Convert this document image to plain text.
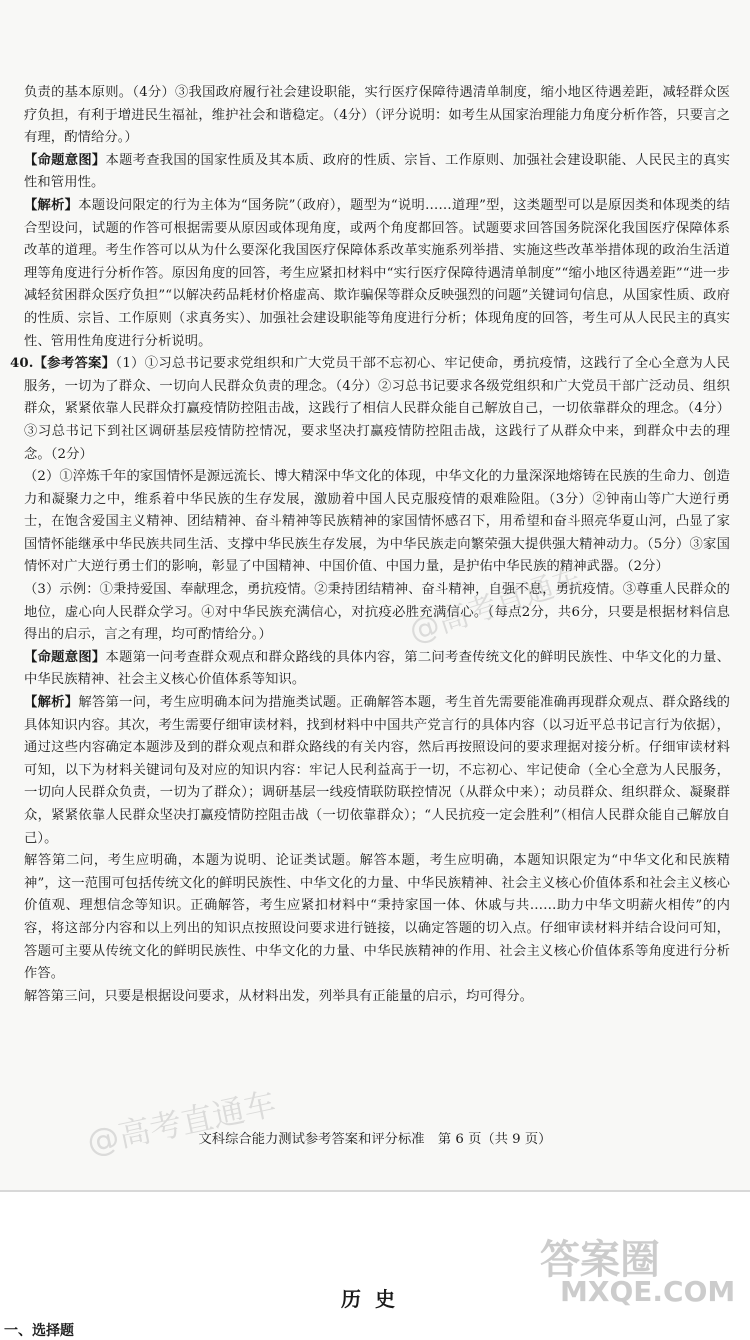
负责的基本原则。（4分）③我国政府履行社会建设职能，实行医疗保障待遇清单制度，缩小地区待遇差距，减轻群众医疗负担，有利于增进民生福祉，维护社会和谐稳定。（4分）（评分说明：如考生从国家治理能力角度分析作答，只要言之有理，酌情给分。）

【命题意图】本题考查我国的国家性质及其本质、政府的性质、宗旨、工作原则、加强社会建设职能、人民民主的真实性和管用性。

【解析】本题设问限定的行为主体为“国务院”（政府），题型为“说明……道理”型，这类题型可以是原因类和体现类的结合型设问，试题的作答可根据需要从原因或体现角度，或两个角度都回答。试题要求回答国务院深化我国医疗保障体系改革的道理。考生作答可以从为什么要深化我国医疗保障体系改革实施系列举措、实施这些改革举措体现的政治生活道理等角度进行分析作答。原因角度的回答，考生应紧扣材料中“实行医疗保障待遇清单制度”“缩小地区待遇差距”“进一步减轻贫困群众医疗负担”“以解决药品耗材价格虚高、欺诈骗保等群众反映强烈的问题”关键词句信息，从国家性质、政府的性质、宗旨、工作原则（求真务实）、加强社会建设职能等角度进行分析；体现角度的回答，考生可从人民民主的真实性、管用性角度进行分析说明。

40.【参考答案】（1）①习总书记要求党组织和广大党员干部不忘初心、牢记使命，勇抗疫情，这践行了全心全意为人民服务，一切为了群众、一切向人民群众负责的理念。（4分）②习总书记要求各级党组织和广大党员干部广泛动员、组织群众，紧紧依靠人民群众打赢疫情防控阻击战，这践行了相信人民群众能自己解放自己，一切依靠群众的理念。（4分）③习总书记下到社区调研基层疫情防控情况，要求坚决打赢疫情防控阻击战，这践行了从群众中来，到群众中去的理念。（2分）

（2）①淬炼千年的家国情怀是源远流长、博大精深中华文化的体现，中华文化的力量深深地熔铸在民族的生命力、创造力和凝聚力之中，维系着中华民族的生存发展，激励着中国人民克服疫情的艰难险阻。（3分）②钟南山等广大逆行勇士，在饱含爱国主义精神、团结精神、奋斗精神等民族精神的家国情怀感召下，用希望和奋斗照亮华夏山河，凸显了家国情怀能继承中华民族共同生活、支撑中华民族生存发展，为中华民族走向繁荣强大提供强大精神动力。（5分）③家国情怀对广大逆行勇士们的影响，彰显了中国精神、中国价值、中国力量，是护佑中华民族的精神武器。（2分）

（3）示例：①秉持爱国、奉献理念，勇抗疫情。②秉持团结精神、奋斗精神，自强不息，勇抗疫情。③尊重人民群众的地位，虚心向人民群众学习。④对中华民族充满信心，对抗疫必胜充满信心。（每点2分，共6分，只要是根据材料信息得出的启示，言之有理，均可酌情给分。）

【命题意图】本题第一问考查群众观点和群众路线的具体内容，第二问考查传统文化的鲜明民族性、中华文化的力量、中华民族精神、社会主义核心价值体系等知识。

【解析】解答第一问，考生应明确本问为措施类试题。正确解答本题，考生首先需要能准确再现群众观点、群众路线的具体知识内容。其次，考生需要仔细审读材料，找到材料中中国共产党言行的具体内容（以习近平总书记言行为依据），通过这些内容确定本题涉及到的群众观点和群众路线的有关内容，然后再按照设问的要求理据对接分析。仔细审读材料可知，以下为材料关键词句及对应的知识内容：牢记人民利益高于一切，不忘初心、牢记使命（全心全意为人民服务，一切向人民群众负责，一切为了群众）；调研基层一线疫情联防联控情况（从群众中来）；动员群众、组织群众、凝聚群众，紧紧依靠人民群众坚决打赢疫情防控阻击战（一切依靠群众）；“人民抗疫一定会胜利”（相信人民群众能自己解放自己）。

解答第二问，考生应明确，本题为说明、论证类试题。解答本题，考生应明确，本题知识限定为“中华文化和民族精神”，这一范围可包括传统文化的鲜明民族性、中华文化的力量、中华民族精神、社会主义核心价值体系和社会主义核心价值观、理想信念等知识。正确解答，考生应紧扣材料中“秉持家国一体、休戚与共……助力中华文明薪火相传”的内容，将这部分内容和以上列出的知识点按照设问要求进行链接，以确定答题的切入点。仔细审读材料并结合设问可知，答题可主要从传统文化的鲜明民族性、中华文化的力量、中华民族精神的作用、社会主义核心价值体系等角度进行分析作答。

解答第三问，只要是根据设问要求，从材料出发，列举具有正能量的启示，均可得分。

文科综合能力测试参考答案和评分标准　第 6 页（共 9 页）
@高考直通车
@高考直通车
答案圈
MXQE.COM
历史
一、选择题
